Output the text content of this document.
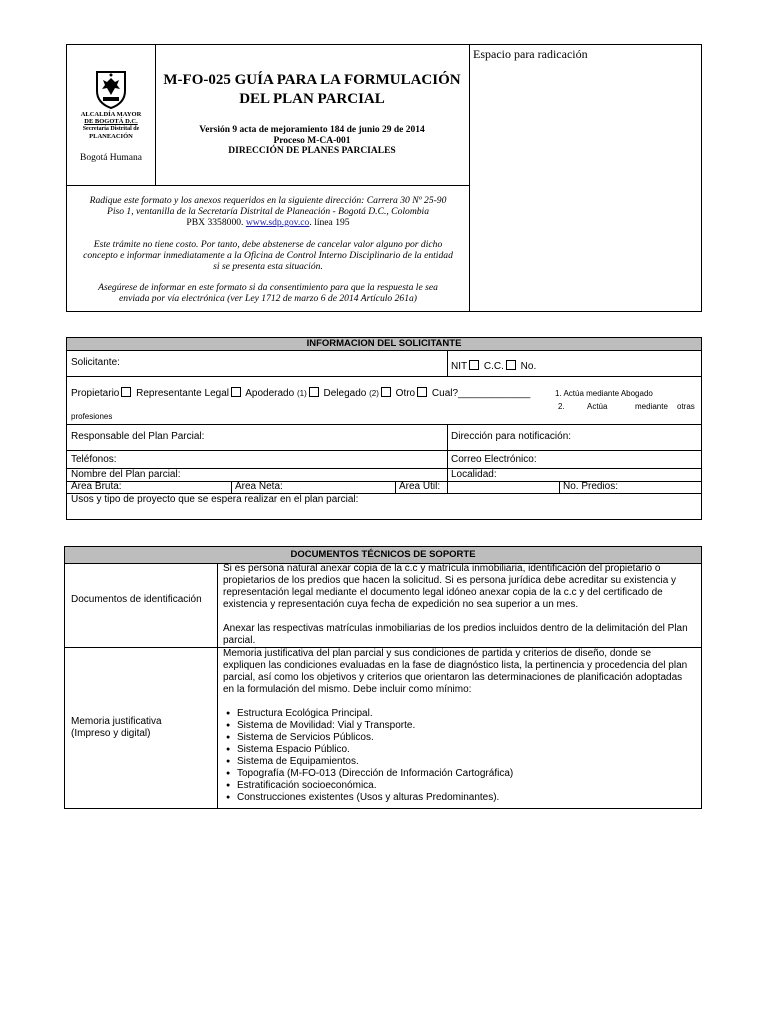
ALCALDÍA MAYOR
DE BOGOTÁ D.C.
Secretaría Distrital de
PLANEACIÓN
Bogotá Humana
M-FO-025 GUÍA PARA LA FORMULACIÓN
DEL PLAN PARCIAL
Versión 9 acta de mejoramiento 184 de junio 29 de 2014
Proceso M-CA-001
DIRECCIÓN DE PLANES PARCIALES
Espacio para radicación
Radique este formato y los anexos requeridos en la siguiente dirección: Carrera 30 Nº 25-90
Piso 1, ventanilla de la Secretaría Distrital de Planeación - Bogotá D.C., Colombia
PBX 3358000. www.sdp.gov.co. línea 195
Este trámite no tiene costo. Por tanto, debe abstenerse de cancelar valor alguno por dicho
concepto e informar inmediatamente a la Oficina de Control Interno Disciplinario de la entidad
si se presenta esta situación.
Asegúrese de informar en este formato si da consentimiento para que la respuesta le sea
enviada por vía electrónica (ver Ley 1712 de marzo 6 de 2014 Artículo 261a)
INFORMACION DEL SOLICITANTE
Solicitante:	NIT C.C. No.
Propietario Representante Legal Apoderado (1) Delegado (2) Otro Cual?_____________	1. Actúa mediante Abogado
2.	Actúa	mediante otras
profesiones
Responsable del Plan Parcial:	Dirección para notificación:
Teléfonos:	Correo Electrónico:
Nombre del Plan parcial:	Localidad:
Area Bruta:	Area Neta:	Area Util:	No. Predios:
Usos y tipo de proyecto que se espera realizar en el plan parcial:
DOCUMENTOS TÉCNICOS DE SOPORTE
Documentos de identificación

Si es persona natural anexar copia de la c.c y matrícula inmobiliaria, identificación del propietario o
propietarios de los predios que hacen la solicitud. Si es persona jurídica debe acreditar su existencia y
representación legal mediante el documento legal idóneo anexar copia de la c.c y del certificado de
existencia y representación cuya fecha de expedición no sea superior a un mes.

Anexar las respectivas matrículas inmobiliarias de los predios incluidos dentro de la delimitación del Plan
parcial.

Memoria justificativa
(Impreso y digital)

Memoria justificativa del plan parcial y sus condiciones de partida y criterios de diseño, donde se
expliquen las condiciones evaluadas en la fase de diagnóstico lista, la pertinencia y procedencia del plan
parcial, así como los objetivos y criterios que orientaron las determinaciones de planificación adoptadas
en la formulación del mismo. Debe incluir como mínimo:

● Estructura Ecológica Principal.
● Sistema de Movilidad: Vial y Transporte.
● Sistema de Servicios Públicos.
● Sistema Espacio Público.
● Sistema de Equipamientos.
● Topografía (M-FO-013 (Dirección de Información Cartográfica)
● Estratificación socioeconómica.
● Construcciones existentes (Usos y alturas Predominantes).
